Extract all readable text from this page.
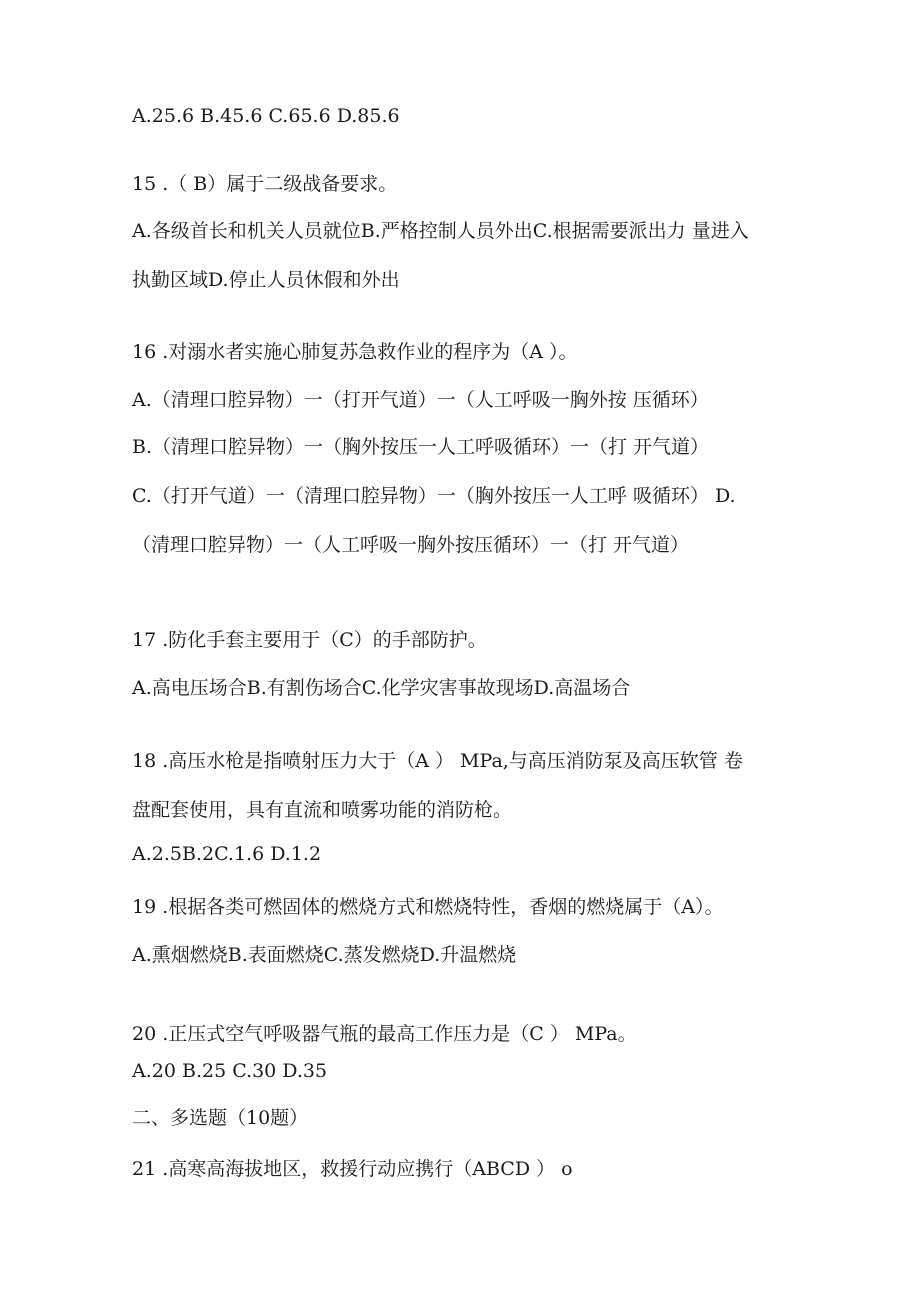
A.25.6 B.45.6 C.65.6 D.85.6
15 .（ B）属于二级战备要求。
A.各级首长和机关人员就位B.严格控制人员外出C.根据需要派出力 量进入
执勤区域D.停止人员休假和外出
16 .对溺水者实施心肺复苏急救作业的程序为（A ）。
A.（清理口腔异物）一（打开气道）一（人工呼吸一胸外按 压循环）
B.（清理口腔异物）一（胸外按压一人工呼吸循环）一（打 开气道）
C.（打开气道）一（清理口腔异物）一（胸外按压一人工呼 吸循环） D.
（清理口腔异物）一（人工呼吸一胸外按压循环）一（打 开气道）
17 .防化手套主要用于（C）的手部防护。
A.高电压场合B.有割伤场合C.化学灾害事故现场D.高温场合
18 .高压水枪是指喷射压力大于（A ） MPa,与高压消防泵及高压软管 卷
盘配套使用，具有直流和喷雾功能的消防枪。
A.2.5B.2C.1.6 D.1.2
19 .根据各类可燃固体的燃烧方式和燃烧特性，香烟的燃烧属于（A）。
A.熏烟燃烧B.表面燃烧C.蒸发燃烧D.升温燃烧
20 .正压式空气呼吸器气瓶的最高工作压力是（C ） MPa。
A.20 B.25 C.30 D.35
二、多选题（10题）
21 .高寒高海拔地区，救援行动应携行（ABCD ） o
